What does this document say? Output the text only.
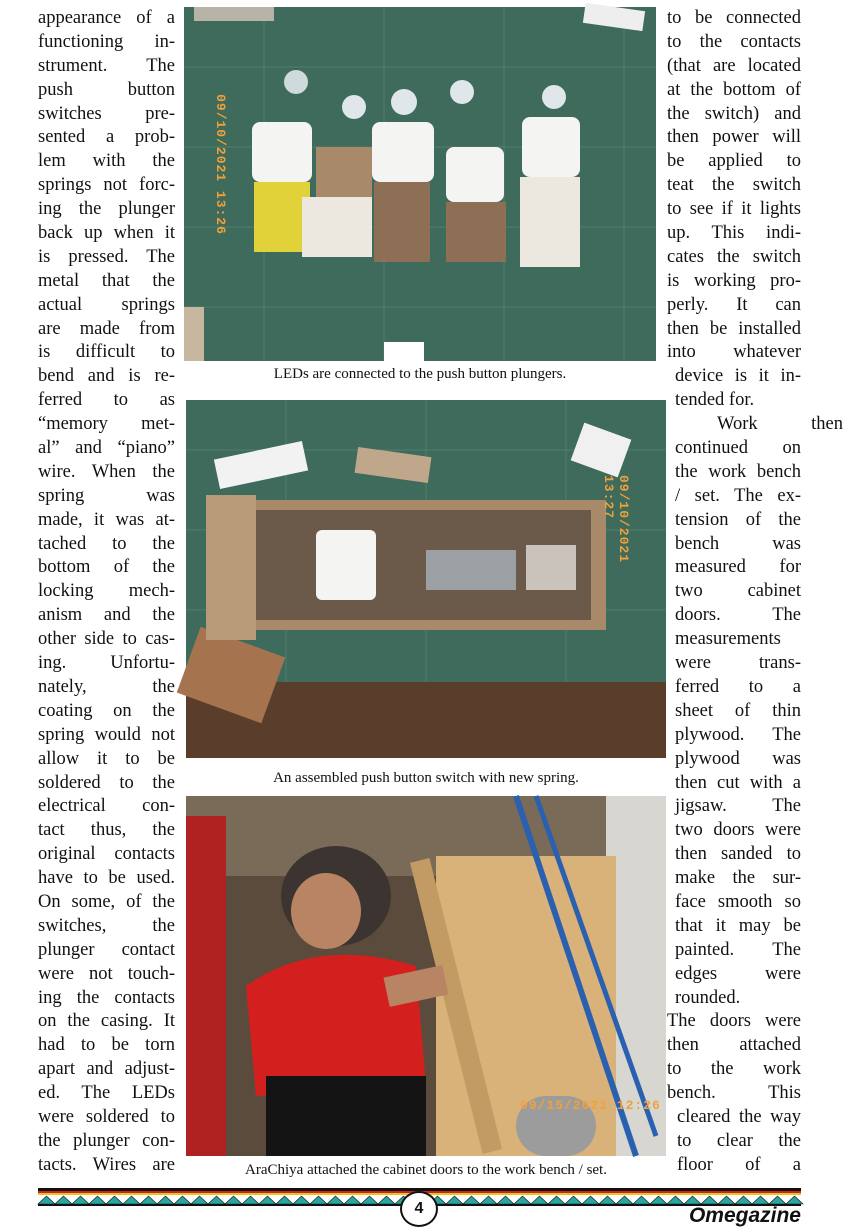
appearance of a
functioning in-
strument. The
push button
switches pre-
sented a prob-
lem with the
springs not forc-
ing the plunger
back up when it
is pressed. The
metal that the
actual springs
are made from
is difficult to
bend and is re-
ferred to as
“memory met-
al” and “piano”
wire. When the
spring was
made, it was at-
tached to the
bottom of the
locking mech-
anism and the
other side to cas-
ing. Unfortu-
nately, the
coating on the
spring would not
allow it to be
soldered to the
electrical con-
tact thus, the
original contacts
have to be used.
On some, of the
switches, the
plunger contact
were not touch-
ing the contacts
on the casing. It
had to be torn
apart and adjust-
ed. The LEDs
were soldered to
the plunger con-
tacts. Wires are
to be connected
to the contacts
(that are located
at the bottom of
the switch) and
then power will
be applied to
teat the switch
to see if it lights
up. This indi-
cates the switch
is working pro-
perly. It can
then be installed
into whatever
device is it in-
tended for.
Work then
continued on
the work bench
/ set. The ex-
tension of the
bench was
measured for
two cabinet
doors. The
measurements
were trans-
ferred to a
sheet of thin
plywood. The
plywood was
then cut with a
jigsaw. The
two doors were
then sanded to
make the sur-
face smooth so
that it may be
painted. The
edges were
rounded.
The doors were
then attached
to the work
bench. This
cleared the way
to clear the
floor of a
09/10/2021 13:26
LEDs are connected to the push button plungers.
09/10/2021 13:27
An assembled push button switch with new spring.
09/15/2021 12:26
AraChiya attached the cabinet doors to the work bench / set.
4	Omegazine
